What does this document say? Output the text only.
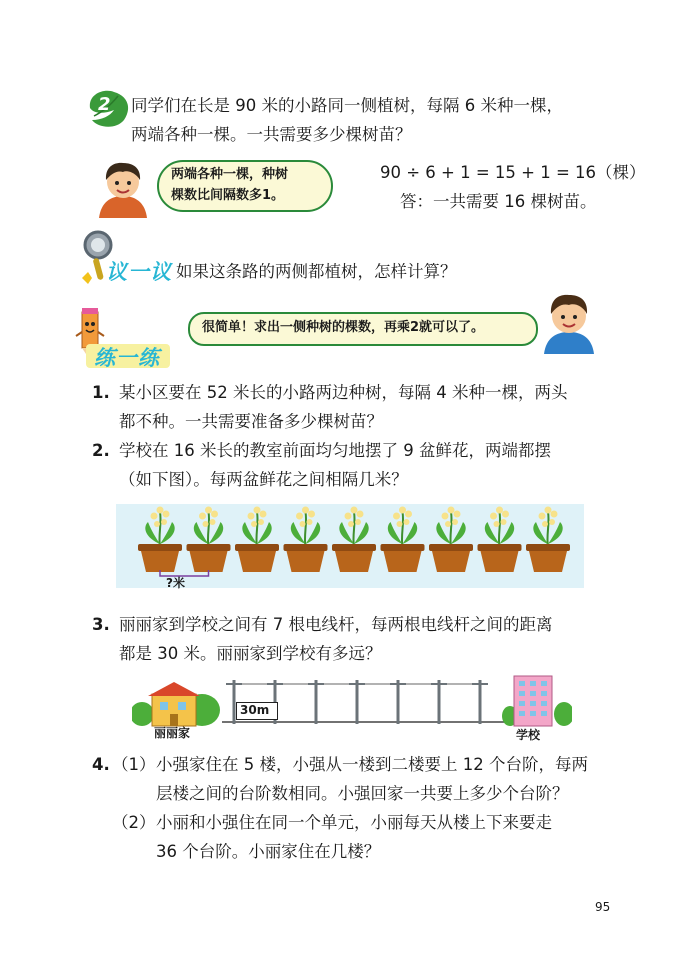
2 同学们在长是 90 米的小路同一侧植树，每隔 6 米种一棵，
两端各种一棵。一共需要多少棵树苗？
两端各种一棵，种树
棵数比间隔数多1。
90 ÷ 6 + 1 = 15 + 1 = 16（棵）
答：一共需要 16 棵树苗。
议一议 如果这条路的两侧都植树，怎样计算？
练一练
很简单！求出一侧种树的棵数，再乘2就可以了。
1. 某小区要在 52 米长的小路两边种树，每隔 4 米种一棵，两头
都不种。一共需要准备多少棵树苗？
2. 学校在 16 米长的教室前面均匀地摆了 9 盆鲜花，两端都摆
（如下图）。每两盆鲜花之间相隔几米？
?米
3. 丽丽家到学校之间有 7 根电线杆，每两根电线杆之间的距离
都是 30 米。丽丽家到学校有多远？
丽丽家
30m
学校
4. （1） 小强家住在 5 楼，小强从一楼到二楼要上 12 个台阶，每两
层楼之间的台阶数相同。小强回家一共要上多少个台阶？
（2） 小丽和小强住在同一个单元，小丽每天从楼上下来要走
36 个台阶。小丽家住在几楼？
95
